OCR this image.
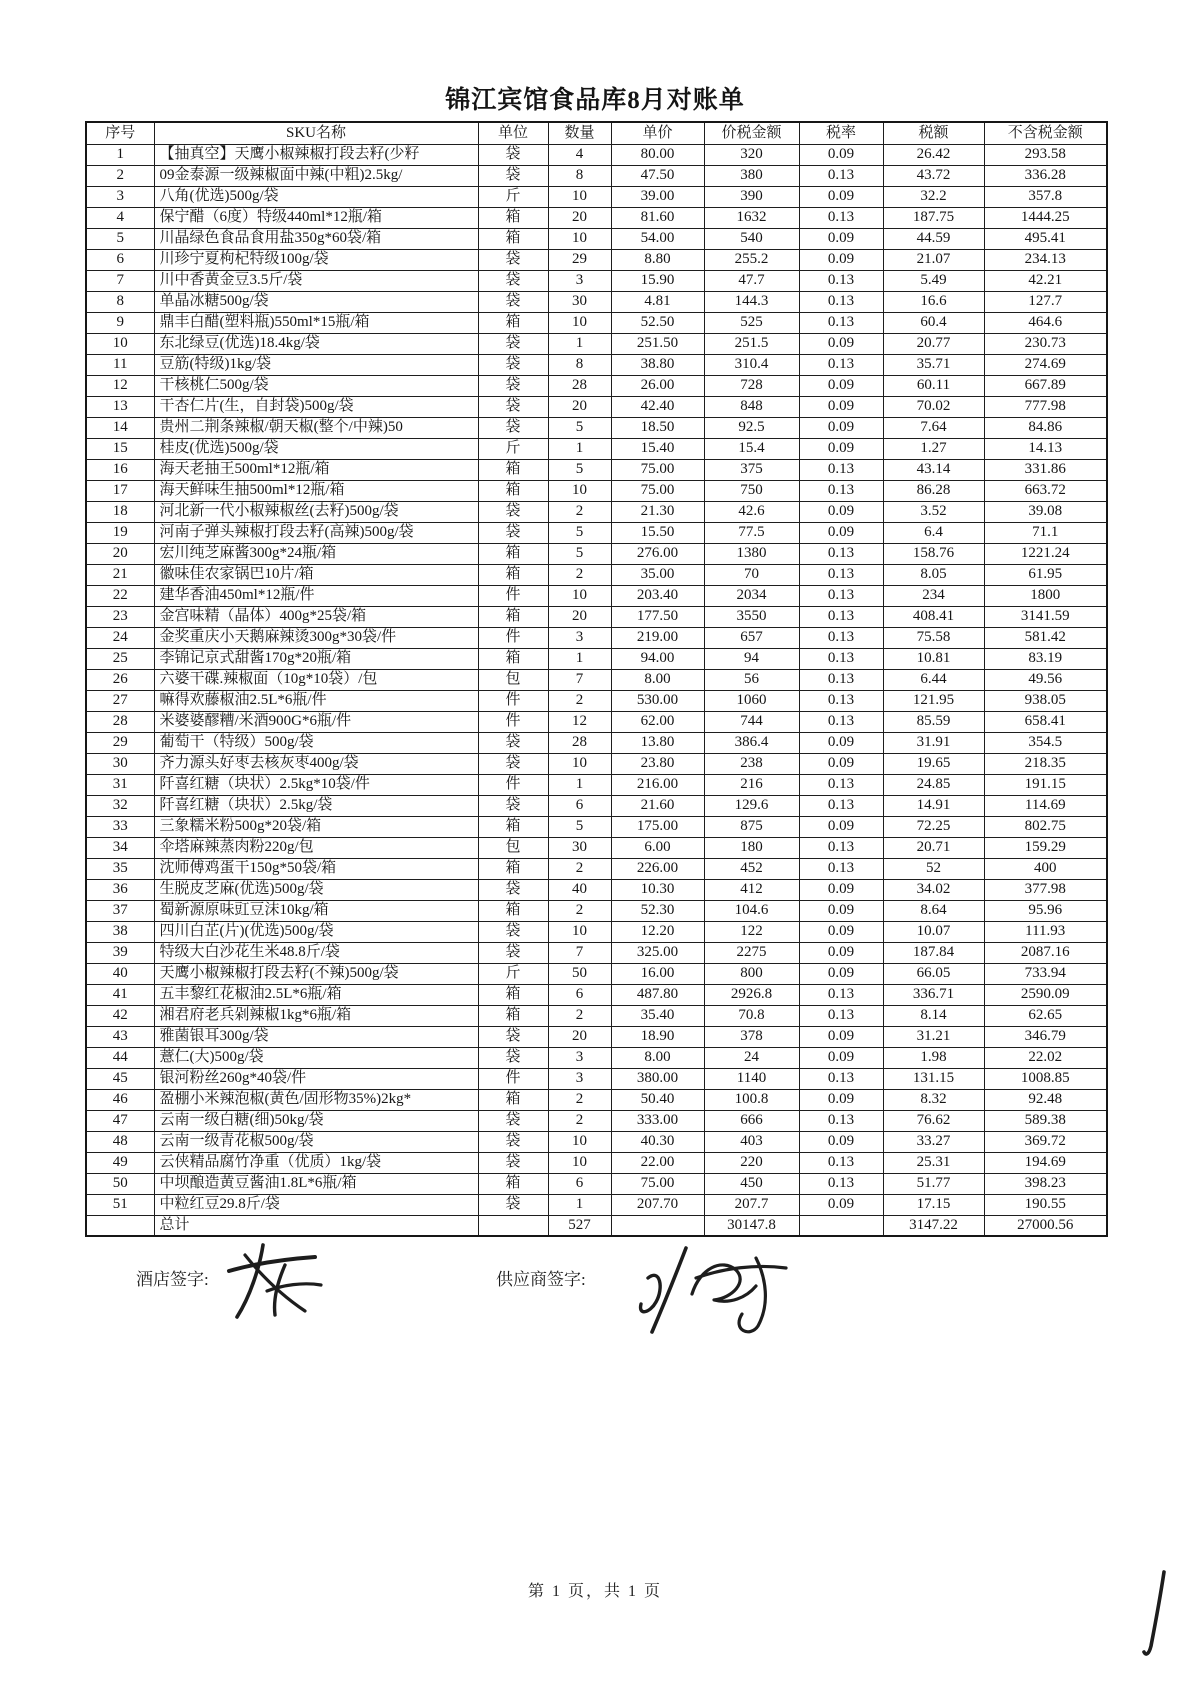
锦江宾馆食品库8月对账单
序号	SKU名称	单位	数量	单价	价税金额	税率	税额	不含税金额
1	【抽真空】天鹰小椒辣椒打段去籽(少籽	袋	4	80.00	320	0.09	26.42	293.58
2	09金泰源一级辣椒面中辣(中粗)2.5kg/	袋	8	47.50	380	0.13	43.72	336.28
3	八角(优选)500g/袋	斤	10	39.00	390	0.09	32.2	357.8
4	保宁醋（6度）特级440ml*12瓶/箱	箱	20	81.60	1632	0.13	187.75	1444.25
5	川晶绿色食品食用盐350g*60袋/箱	箱	10	54.00	540	0.09	44.59	495.41
6	川珍宁夏枸杞特级100g/袋	袋	29	8.80	255.2	0.09	21.07	234.13
7	川中香黄金豆3.5斤/袋	袋	3	15.90	47.7	0.13	5.49	42.21
8	单晶冰糖500g/袋	袋	30	4.81	144.3	0.13	16.6	127.7
9	鼎丰白醋(塑料瓶)550ml*15瓶/箱	箱	10	52.50	525	0.13	60.4	464.6
10	东北绿豆(优选)18.4kg/袋	袋	1	251.50	251.5	0.09	20.77	230.73
11	豆筋(特级)1kg/袋	袋	8	38.80	310.4	0.13	35.71	274.69
12	干核桃仁500g/袋	袋	28	26.00	728	0.09	60.11	667.89
13	干杏仁片(生，自封袋)500g/袋	袋	20	42.40	848	0.09	70.02	777.98
14	贵州二荆条辣椒/朝天椒(整个/中辣)50	袋	5	18.50	92.5	0.09	7.64	84.86
15	桂皮(优选)500g/袋	斤	1	15.40	15.4	0.09	1.27	14.13
16	海天老抽王500ml*12瓶/箱	箱	5	75.00	375	0.13	43.14	331.86
17	海天鲜味生抽500ml*12瓶/箱	箱	10	75.00	750	0.13	86.28	663.72
18	河北新一代小椒辣椒丝(去籽)500g/袋	袋	2	21.30	42.6	0.09	3.52	39.08
19	河南子弹头辣椒打段去籽(高辣)500g/袋	袋	5	15.50	77.5	0.09	6.4	71.1
20	宏川纯芝麻酱300g*24瓶/箱	箱	5	276.00	1380	0.13	158.76	1221.24
21	徽味佳农家锅巴10片/箱	箱	2	35.00	70	0.13	8.05	61.95
22	建华香油450ml*12瓶/件	件	10	203.40	2034	0.13	234	1800
23	金宫味精（晶体）400g*25袋/箱	箱	20	177.50	3550	0.13	408.41	3141.59
24	金奖重庆小天鹅麻辣烫300g*30袋/件	件	3	219.00	657	0.13	75.58	581.42
25	李锦记京式甜酱170g*20瓶/箱	箱	1	94.00	94	0.13	10.81	83.19
26	六婆干碟.辣椒面（10g*10袋）/包	包	7	8.00	56	0.13	6.44	49.56
27	嘛得欢藤椒油2.5L*6瓶/件	件	2	530.00	1060	0.13	121.95	938.05
28	米婆婆醪糟/米酒900G*6瓶/件	件	12	62.00	744	0.13	85.59	658.41
29	葡萄干（特级）500g/袋	袋	28	13.80	386.4	0.09	31.91	354.5
30	齐力源头好枣去核灰枣400g/袋	袋	10	23.80	238	0.09	19.65	218.35
31	阡喜红糖（块状）2.5kg*10袋/件	件	1	216.00	216	0.13	24.85	191.15
32	阡喜红糖（块状）2.5kg/袋	袋	6	21.60	129.6	0.13	14.91	114.69
33	三象糯米粉500g*20袋/箱	箱	5	175.00	875	0.09	72.25	802.75
34	伞塔麻辣蒸肉粉220g/包	包	30	6.00	180	0.13	20.71	159.29
35	沈师傅鸡蛋干150g*50袋/箱	箱	2	226.00	452	0.13	52	400
36	生脱皮芝麻(优选)500g/袋	袋	40	10.30	412	0.09	34.02	377.98
37	蜀新源原味豇豆沫10kg/箱	箱	2	52.30	104.6	0.09	8.64	95.96
38	四川白芷(片)(优选)500g/袋	袋	10	12.20	122	0.09	10.07	111.93
39	特级大白沙花生米48.8斤/袋	袋	7	325.00	2275	0.09	187.84	2087.16
40	天鹰小椒辣椒打段去籽(不辣)500g/袋	斤	50	16.00	800	0.09	66.05	733.94
41	五丰黎红花椒油2.5L*6瓶/箱	箱	6	487.80	2926.8	0.13	336.71	2590.09
42	湘君府老兵剁辣椒1kg*6瓶/箱	箱	2	35.40	70.8	0.13	8.14	62.65
43	雅菌银耳300g/袋	袋	20	18.90	378	0.09	31.21	346.79
44	薏仁(大)500g/袋	袋	3	8.00	24	0.09	1.98	22.02
45	银河粉丝260g*40袋/件	件	3	380.00	1140	0.13	131.15	1008.85
46	盈棚小米辣泡椒(黄色/固形物35%)2kg*	箱	2	50.40	100.8	0.09	8.32	92.48
47	云南一级白糖(细)50kg/袋	袋	2	333.00	666	0.13	76.62	589.38
48	云南一级青花椒500g/袋	袋	10	40.30	403	0.09	33.27	369.72
49	云侠精品腐竹净重（优质）1kg/袋	袋	10	22.00	220	0.13	25.31	194.69
50	中坝酿造黄豆酱油1.8L*6瓶/箱	箱	6	75.00	450	0.13	51.77	398.23
51	中粒红豆29.8斤/袋	袋	1	207.70	207.7	0.09	17.15	190.55
	总计		527		30147.8		3147.22	27000.56
酒店签字:	供应商签字:
第 1 页，共 1 页
